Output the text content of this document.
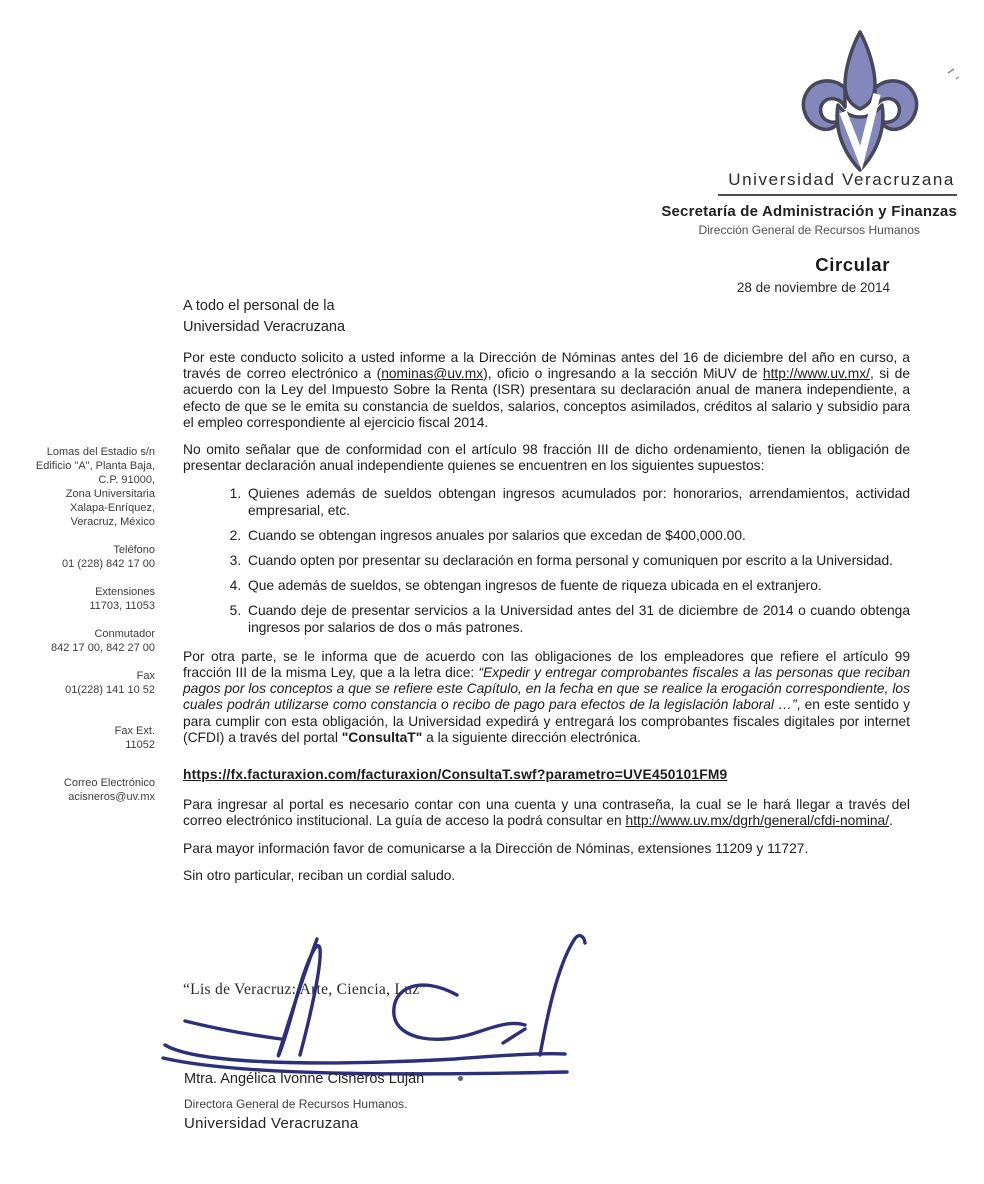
Universidad Veracruzana
Secretaría de Administración y Finanzas
Dirección General de Recursos Humanos
Circular
28 de noviembre de 2014
A todo el personal de la
Universidad Veracruzana
Lomas del Estadio s/n
Edificio "A", Planta Baja,
C.P. 91000,
Zona Universitaria
Xalapa-Enríquez,
Veracruz, México
Teléfono
01 (228) 842 17 00
Extensiones
11703, 11053
Conmutador
842 17 00, 842 27 00
Fax
01(228) 141 10 52
Fax Ext.
11052
Correo Electrónico
acisneros@uv.mx

Por este conducto solicito a usted informe a la Dirección de Nóminas antes del 16 de diciembre del año en curso, a través de correo electrónico a (nominas@uv.mx), oficio o ingresando a la sección MiUV de http://www.uv.mx/, si de acuerdo con la Ley del Impuesto Sobre la Renta (ISR) presentara su declaración anual de manera independiente, a efecto de que se le emita su constancia de sueldos, salarios, conceptos asimilados, créditos al salario y subsidio para el empleo correspondiente al ejercicio fiscal 2014.

No omito señalar que de conformidad con el artículo 98 fracción III de dicho ordenamiento, tienen la obligación de presentar declaración anual independiente quienes se encuentren en los siguientes supuestos:

1. Quienes además de sueldos obtengan ingresos acumulados por: honorarios, arrendamientos, actividad empresarial, etc.
2. Cuando se obtengan ingresos anuales por salarios que excedan de $400,000.00.
3. Cuando opten por presentar su declaración en forma personal y comuniquen por escrito a la Universidad.
4. Que además de sueldos, se obtengan ingresos de fuente de riqueza ubicada en el extranjero.
5. Cuando deje de presentar servicios a la Universidad antes del 31 de diciembre de 2014 o cuando obtenga ingresos por salarios de dos o más patrones.

Por otra parte, se le informa que de acuerdo con las obligaciones de los empleadores que refiere el artículo 99 fracción III de la misma Ley, que a la letra dice: “Expedir y entregar comprobantes fiscales a las personas que reciban pagos por los conceptos a que se refiere este Capítulo, en la fecha en que se realice la erogación correspondiente, los cuales podrán utilizarse como constancia o recibo de pago para efectos de la legislación laboral …”, en este sentido y para cumplir con esta obligación, la Universidad expedirá y entregará los comprobantes fiscales digitales por internet (CFDI) a través del portal "ConsultaT" a la siguiente dirección electrónica.

https://fx.facturaxion.com/facturaxion/ConsultaT.swf?parametro=UVE450101FM9

Para ingresar al portal es necesario contar con una cuenta y una contraseña, la cual se le hará llegar a través del correo electrónico institucional. La guía de acceso la podrá consultar en http://www.uv.mx/dgrh/general/cfdi-nomina/.

Para mayor información favor de comunicarse a la Dirección de Nóminas, extensiones 11209 y 11727.

Sin otro particular, reciban un cordial saludo.

“Lis de Veracruz: Arte, Ciencia, Luz”
Mtra. Angélica Ivonne Cisneros Luján
Directora General de Recursos Humanos.
Universidad Veracruzana
